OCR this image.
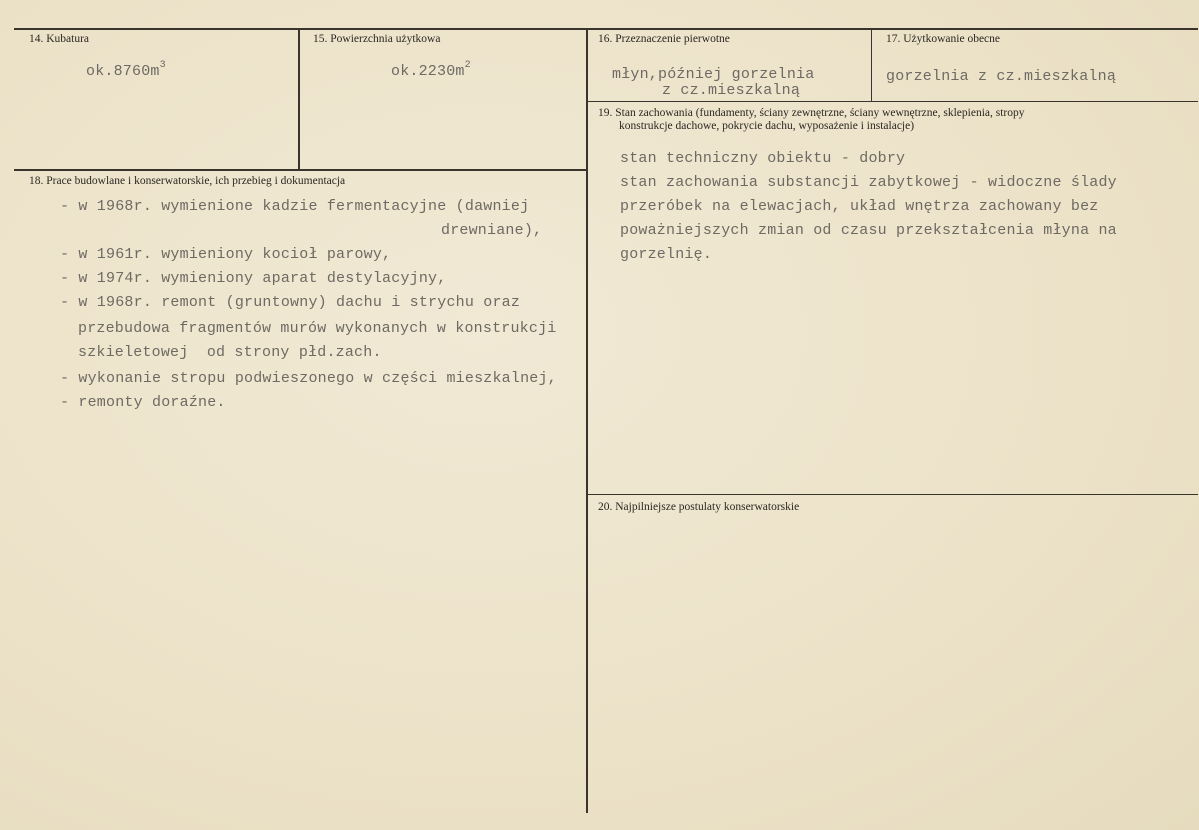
14. Kubatura
$ok.8760m^3$
15. Powierzchnia użytkowa
$ok.2230m^2$
16. Przeznaczenie pierwotne
młyn,później gorzelnia
z cz.mieszkalną
17. Użytkowanie obecne
gorzelnia z cz.mieszkalną
19. Stan zachowania (fundamenty, ściany zewnętrzne, ściany wewnętrzne, sklepienia, stropy
konstrukcje dachowe, pokrycie dachu, wyposażenie i instalacje)
stan techniczny obiektu - dobry
stan zachowania substancji zabytkowej - widoczne ślady
przeróbek na elewacjach, układ wnętrza zachowany bez
poważniejszych zmian od czasu przekształcenia młyna na
gorzelnię.
18. Prace budowlane i konserwatorskie, ich przebieg i dokumentacja
- w 1968r. wymienione kadzie fermentacyjne (dawniej
drewniane),
- w 1961r. wymieniony kocioł parowy,
- w 1974r. wymieniony aparat destylacyjny,
- w 1968r. remont (gruntowny) dachu i strychu oraz
przebudowa fragmentów murów wykonanych w konstrukcji
szkieletowej  od strony płd.zach.
- wykonanie stropu podwieszonego w części mieszkalnej,
- remonty doraźne.
20. Najpilniejsze postulaty konserwatorskie
